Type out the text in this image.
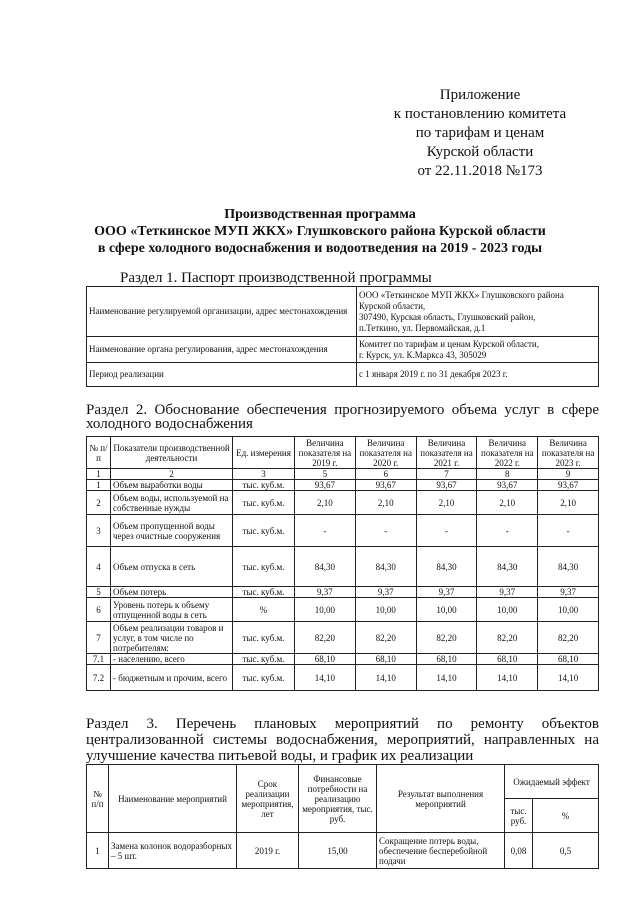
Приложение
к постановлению комитета
по тарифам и ценам
Курской области
от 22.11.2018 №173
Производственная программа
ООО «Теткинское МУП ЖКХ» Глушковского района Курской области
в сфере холодного водоснабжения и водоотведения на 2019 - 2023 годы
Раздел 1. Паспорт производственной программы
Наименование регулируемой организации, адрес местонахождения	ООО «Теткинское МУП ЖКХ» Глушковского района
Курской области,
307490, Курская область, Глушковский район,
п.Теткино, ул. Первомайская, д.1

Наименование органа регулирования, адрес местонахождения	Комитет по тарифам и ценам Курской области,
г. Курск, ул. К.Маркса 43, 305029

Период реализации	с 1 января 2019 г. по 31 декабря 2023 г.
Раздел 2. Обоснование обеспечения прогнозируемого объема услуг в сфере холодного водоснабжения
№ п/п	Показатели производственной деятельности	Ед. измерения	Величина показателя на 2019 г.	Величина показателя на 2020 г.	Величина показателя на 2021 г.	Величина показателя на 2022 г.	Величина показателя на 2023 г.
1	2	3	5	6	7	8	9
1	Объем выработки воды	тыс. куб.м.	93,67	93,67	93,67	93,67	93,67
2	Объем воды, используемой на собственные нужды	тыс. куб.м.	2,10	2,10	2,10	2,10	2,10
3	Объем пропущенной воды через очистные сооружения	тыс. куб.м.	-	-	-	-	-
4	Объем отпуска в сеть	тыс. куб.м.	84,30	84,30	84,30	84,30	84,30
5	Объем потерь	тыс. куб.м.	9,37	9,37	9,37	9,37	9,37
6	Уровень потерь к объему отпущенной воды в сеть	%	10,00	10,00	10,00	10,00	10,00
7	Объем реализации товаров и услуг, в том числе по потребителям:	тыс. куб.м.	82,20	82,20	82,20	82,20	82,20
7.1	- населению, всего	тыс. куб.м.	68,10	68,10	68,10	68,10	68,10
7.2	- бюджетным и прочим, всего	тыс. куб.м.	14,10	14,10	14,10	14,10	14,10
Раздел 3. Перечень плановых мероприятий по ремонту объектов централизованной системы водоснабжения, мероприятий, направленных на улучшение качества питьевой воды, и график их реализации
№ п/п	Наименование мероприятий	Срок реализации мероприятия, лет	Финансовые потребности на реализацию мероприятия, тыс. руб.	Результат выполнения мероприятий	Ожидаемый эффект	
					тыс. руб.	%
1	Замена колонок водоразборных – 5 шт.	2019 г.	15,00	Сокращение потерь воды, обеспечение бесперебойной подачи	0,08	0,5
